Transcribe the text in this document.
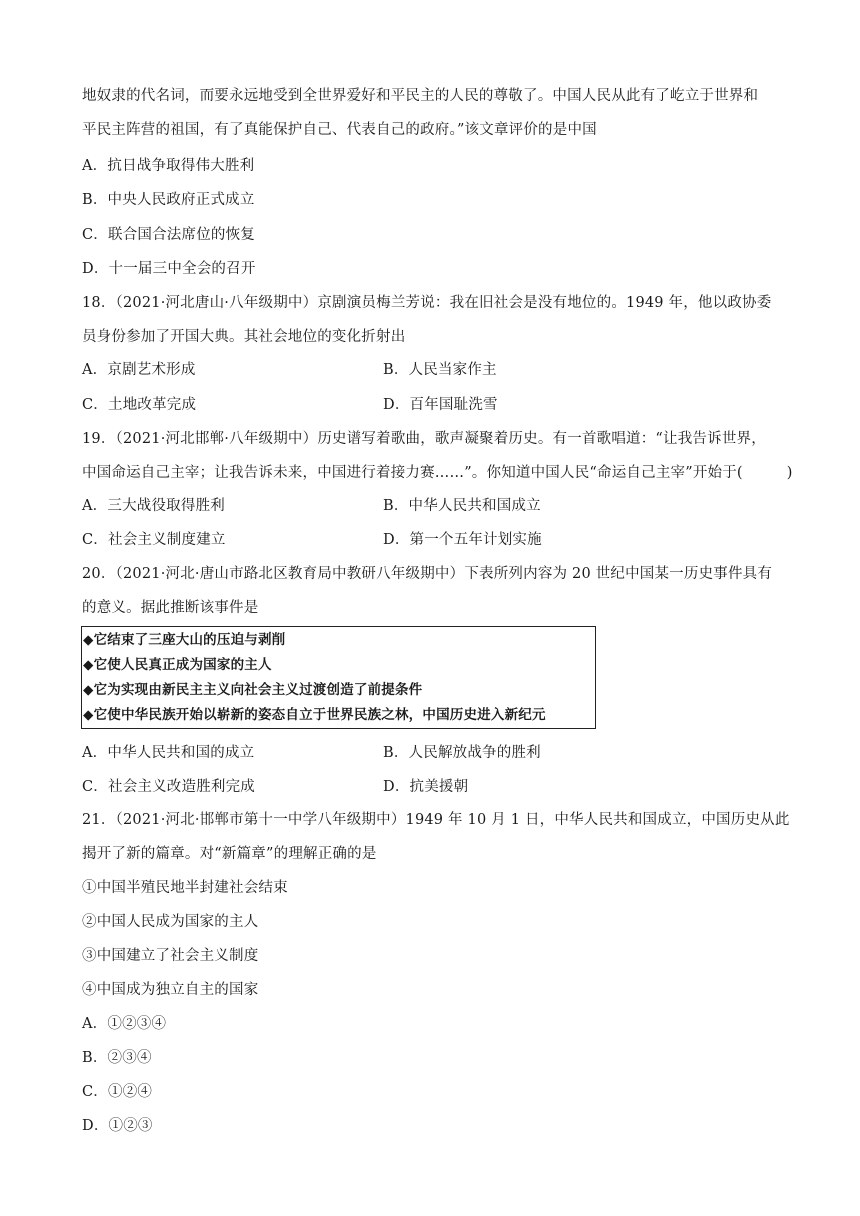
地奴隶的代名词，而要永远地受到全世界爱好和平民主的人民的尊敬了。中国人民从此有了屹立于世界和
平民主阵营的祖国，有了真能保护自己、代表自己的政府。”该文章评价的是中国
A．抗日战争取得伟大胜利
B．中央人民政府正式成立
C．联合国合法席位的恢复
D．十一届三中全会的召开
18．（2021·河北唐山·八年级期中）京剧演员梅兰芳说：我在旧社会是没有地位的。1949 年，他以政协委
员身份参加了开国大典。其社会地位的变化折射出
A．京剧艺术形成	B．人民当家作主
C．土地改革完成	D．百年国耻洗雪
19．（2021·河北邯郸·八年级期中）历史谱写着歌曲，歌声凝聚着历史。有一首歌唱道：“让我告诉世界，
中国命运自己主宰；让我告诉未来，中国进行着接力赛……”。你知道中国人民“命运自己主宰”开始于(	)
A．三大战役取得胜利	B．中华人民共和国成立
C．社会主义制度建立	D．第一个五年计划实施
20．（2021·河北·唐山市路北区教育局中教研八年级期中）下表所列内容为 20 世纪中国某一历史事件具有
的意义。据此推断该事件是
◆它结束了三座大山的压迫与剥削
◆它使人民真正成为国家的主人
◆它为实现由新民主主义向社会主义过渡创造了前提条件
◆它使中华民族开始以崭新的姿态自立于世界民族之林，中国历史进入新纪元
A．中华人民共和国的成立	B．人民解放战争的胜利
C．社会主义改造胜利完成	D．抗美援朝
21．（2021·河北·邯郸市第十一中学八年级期中）1949 年 10 月 1 日，中华人民共和国成立，中国历史从此
揭开了新的篇章。对“新篇章”的理解正确的是
①中国半殖民地半封建社会结束
②中国人民成为国家的主人
③中国建立了社会主义制度
④中国成为独立自主的国家
A．①②③④
B．②③④
C．①②④
D．①②③
